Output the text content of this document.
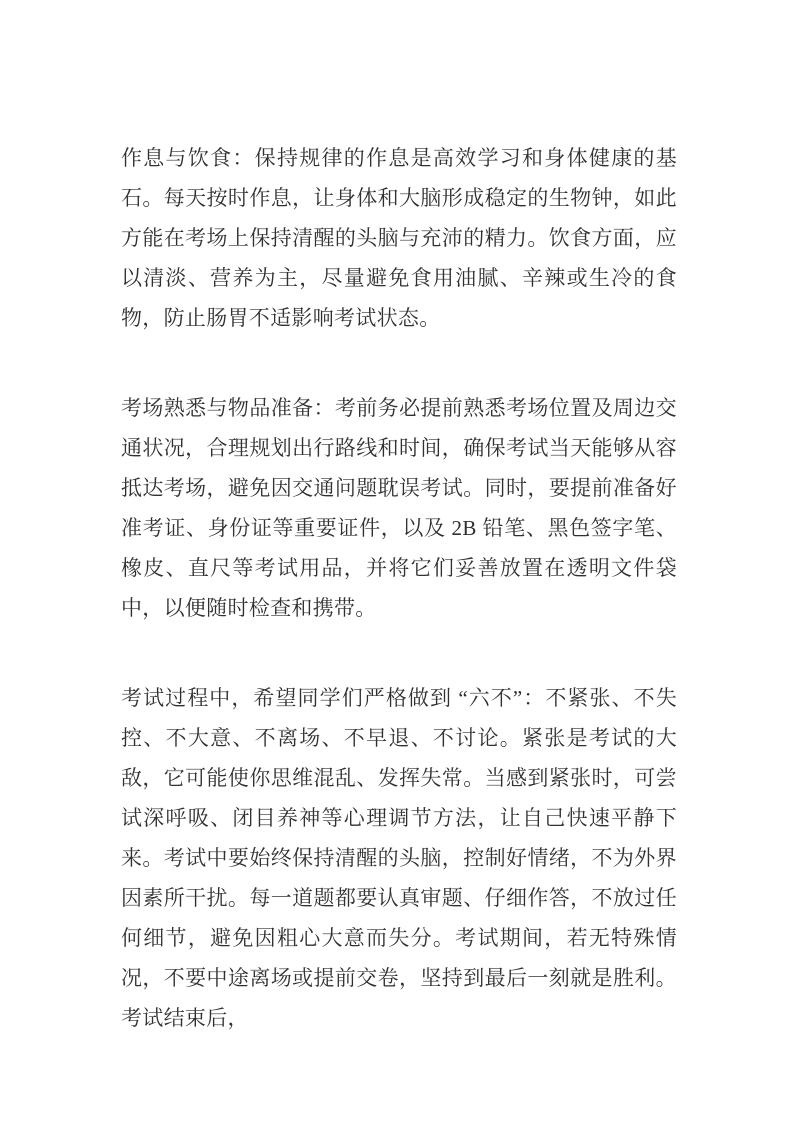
作息与饮食：保持规律的作息是高效学习和身体健康的基石。每天按时作息，让身体和大脑形成稳定的生物钟，如此方能在考场上保持清醒的头脑与充沛的精力。饮食方面，应以清淡、营养为主，尽量避免食用油腻、辛辣或生冷的食物，防止肠胃不适影响考试状态。

考场熟悉与物品准备：考前务必提前熟悉考场位置及周边交通状况，合理规划出行路线和时间，确保考试当天能够从容抵达考场，避免因交通问题耽误考试。同时，要提前准备好准考证、身份证等重要证件，以及 2B 铅笔、黑色签字笔、橡皮、直尺等考试用品，并将它们妥善放置在透明文件袋中，以便随时检查和携带。

考试过程中，希望同学们严格做到 “六不”：不紧张、不失控、不大意、不离场、不早退、不讨论。紧张是考试的大敌，它可能使你思维混乱、发挥失常。当感到紧张时，可尝试深呼吸、闭目养神等心理调节方法，让自己快速平静下来。考试中要始终保持清醒的头脑，控制好情绪，不为外界因素所干扰。每一道题都要认真审题、仔细作答，不放过任何细节，避免因粗心大意而失分。考试期间，若无特殊情况，不要中途离场或提前交卷，坚持到最后一刻就是胜利。考试结束后，
